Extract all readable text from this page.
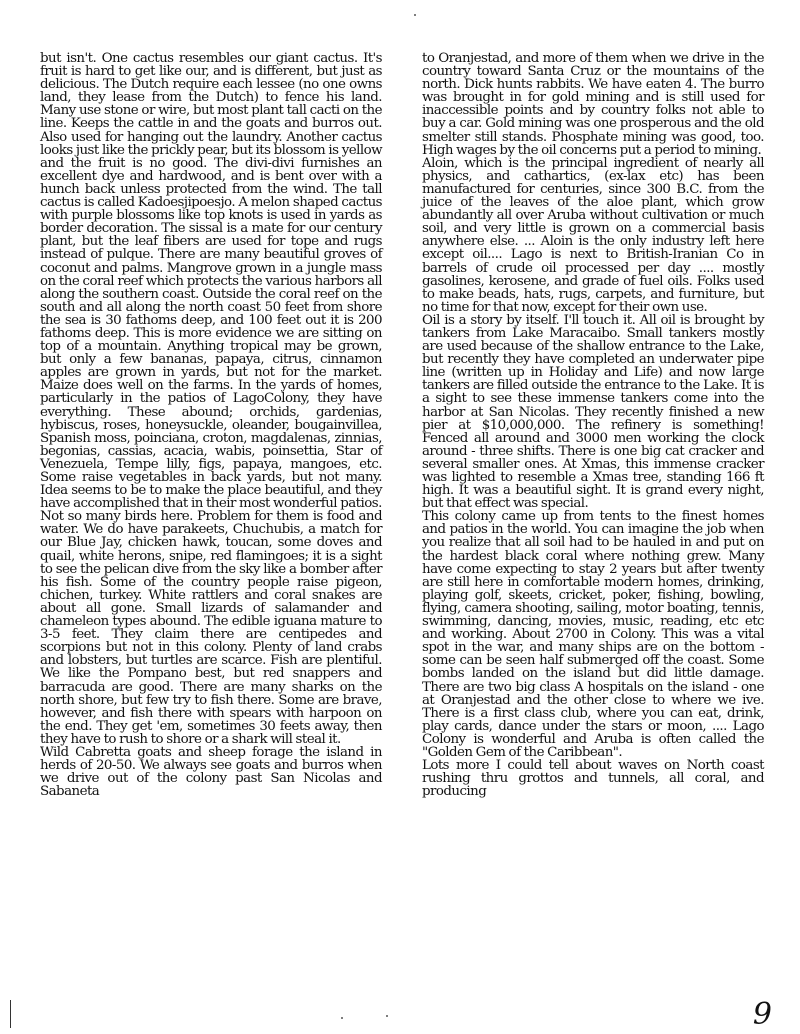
but isn't. One cactus resembles our giant cactus. It's fruit is hard to get like our, and is different, but just as delicious. The Dutch require each lessee (no one owns land, they lease from the Dutch) to fence his land. Many use stone or wire, but most plant tall cacti on the line. Keeps the cattle in and the goats and burros out. Also used for hanging out the laundry. Another cactus looks just like the prickly pear, but its blossom is yellow and the fruit is no good. The divi-divi furnishes an excellent dye and hardwood, and is bent over with a hunch back unless protected from the wind. The tall cactus is called Kadoesjipoesjo. A melon shaped cactus with purple blossoms like top knots is used in yards as border decoration. The sissal is a mate for our century plant, but the leaf fibers are used for tope and rugs instead of pulque. There are many beautiful groves of coconut and palms. Mangrove grown in a jungle mass on the coral reef which protects the various harbors all along the southern coast. Outside the coral reef on the south and all along the north coast 50 feet from shore the sea is 30 fathoms deep, and 100 feet out it is 200 fathoms deep. This is more evidence we are sitting on top of a mountain. Anything tropical may be grown, but only a few bananas, papaya, citrus, cinnamon apples are grown in yards, but not for the market. Maize does well on the farms. In the yards of homes, particularly in the patios of LagoColony, they have everything. These abound; orchids, gardenias, hybiscus, roses, honeysuckle, oleander, bougainvillea, Spanish moss, poinciana, croton, magdalenas, zinnias, begonias, cassias, acacia, wabis, poinsettia, Star of Venezuela, Tempe lilly, figs, papaya, mangoes, etc. Some raise vegetables in back yards, but not many. Idea seems to be to make the place beautiful, and they have accomplished that in their most wonderful patios.

Not so many birds here. Problem for them is food and water. We do have parakeets, Chuchubis, a match for our Blue Jay, chicken hawk, toucan, some doves and quail, white herons, snipe, red flamingoes; it is a sight to see the pelican dive from the sky like a bomber after his fish. Some of the country people raise pigeon, chichen, turkey. White rattlers and coral snakes are about all gone. Small lizards of salamander and chameleon types abound. The edible iguana mature to 3-5 feet. They claim there are centipedes and scorpions but not in this colony. Plenty of land crabs and lobsters, but turtles are scarce. Fish are plentiful. We like the Pompano best, but red snappers and barracuda are good. There are many sharks on the north shore, but few try to fish there. Some are brave, however, and fish there with spears with harpoon on the end. They get 'em, sometimes 30 feets away, then they have to rush to shore or a shark will steal it.

Wild Cabretta goats and sheep forage the island in herds of 20-50. We always see goats and burros when we drive out of the colony past San Nicolas and Sabaneta

to Oranjestad, and more of them when we drive in the country toward Santa Cruz or the mountains of the north. Dick hunts rabbits. We have eaten 4. The burro was brought in for gold mining and is still used for inaccessible points and by country folks not able to buy a car. Gold mining was one prosperous and the old smelter still stands. Phosphate mining was good, too. High wages by the oil concerns put a period to mining.

Aloin, which is the principal ingredient of nearly all physics, and cathartics, (ex-lax etc) has been manufactured for centuries, since 300 B.C. from the juice of the leaves of the aloe plant, which grow abundantly all over Aruba without cultivation or much soil, and very little is grown on a commercial basis anywhere else. ... Aloin is the only industry left here except oil.... Lago is next to British-Iranian Co in barrels of crude oil processed per day .... mostly gasolines, kerosene, and grade of fuel oils. Folks used to make beads, hats, rugs, carpets, and furniture, but no time for that now, except for their own use.

Oil is a story by itself. I'll touch it. All oil is brought by tankers from Lake Maracaibo. Small tankers mostly are used because of the shallow entrance to the Lake, but recently they have completed an underwater pipe line (written up in Holiday and Life) and now large tankers are filled outside the entrance to the Lake. It is a sight to see these immense tankers come into the harbor at San Nicolas. They recently finished a new pier at $10,000,000. The refinery is something! Fenced all around and 3000 men working the clock around - three shifts. There is one big cat cracker and several smaller ones. At Xmas, this immense cracker was lighted to resemble a Xmas tree, standing 166 ft high. It was a beautiful sight. It is grand every night, but that effect was special.

This colony came up from tents to the finest homes and patios in the world. You can imagine the job when you realize that all soil had to be hauled in and put on the hardest black coral where nothing grew. Many have come expecting to stay 2 years but after twenty are still here in comfortable modern homes, drinking, playing golf, skeets, cricket, poker, fishing, bowling, flying, camera shooting, sailing, motor boating, tennis, swimming, dancing, movies, music, reading, etc etc and working. About 2700 in Colony. This was a vital spot in the war, and many ships are on the bottom - some can be seen half submerged off the coast. Some bombs landed on the island but did little damage. There are two big class A hospitals on the island - one at Oranjestad and the other close to where we ive. There is a first class club, where you can eat, drink, play cards, dance under the stars or moon, .... Lago Colony is wonderful and Aruba is often called the "Golden Gem of the Caribbean".

Lots more I could tell about waves on North coast rushing thru grottos and tunnels, all coral, and producing

9
